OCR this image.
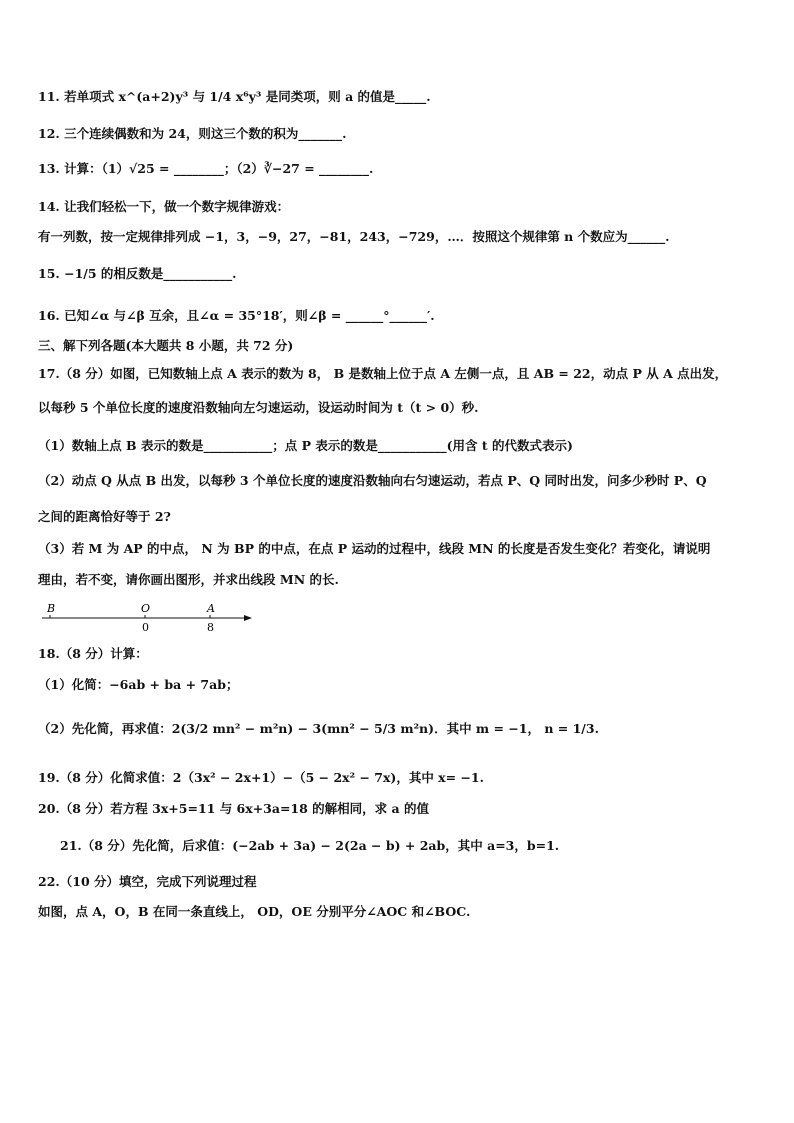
11. 若单项式 x^(a+2)y³ 与 1/4 x⁶y³ 是同类项，则 a 的值是_____.
12. 三个连续偶数和为 24，则这三个数的积为_______.
13. 计算：（1）√25 = ________；（2）∛−27 = ________.
14. 让我们轻松一下，做一个数字规律游戏：
有一列数，按一定规律排列成 −1，3，−9，27，−81，243，−729，…．按照这个规律第 n 个数应为______.
15. −1/5 的相反数是___________.
16. 已知∠α 与∠β 互余，且∠α = 35°18′，则∠β = ______°______′.
三、解下列各题(本大题共 8 小题，共 72 分)
17.（8 分）如图，已知数轴上点 A 表示的数为 8， B 是数轴上位于点 A 左侧一点，且 AB = 22，动点 P 从 A 点出发，
以每秒 5 个单位长度的速度沿数轴向左匀速运动，设运动时间为 t（t > 0）秒.
（1）数轴上点 B 表示的数是___________；点 P 表示的数是___________(用含 t 的代数式表示)
（2）动点 Q 从点 B 出发，以每秒 3 个单位长度的速度沿数轴向右匀速运动，若点 P、Q 同时出发，问多少秒时 P、Q
之间的距离恰好等于 2?
（3）若 M 为 AP 的中点， N 为 BP 的中点，在点 P 运动的过程中，线段 MN 的长度是否发生变化？若变化，请说明
理由，若不变，请你画出图形，并求出线段 MN 的长.
B	O	A
0	8
18.（8 分）计算：
（1）化简：−6ab + ba + 7ab；
（2）先化简，再求值：2(3/2 mn² − m²n) − 3(mn² − 5/3 m²n)．其中 m = −1， n = 1/3.
19.（8 分）化简求值：2（3x² − 2x+1）−（5 − 2x² − 7x)，其中 x= −1.
20.（8 分）若方程 3x+5=11 与 6x+3a=18 的解相同，求 a 的值
21.（8 分）先化简，后求值：(−2ab + 3a) − 2(2a − b) + 2ab，其中 a=3，b=1.
22.（10 分）填空，完成下列说理过程
如图，点 A，O，B 在同一条直线上， OD，OE 分别平分∠AOC 和∠BOC.
